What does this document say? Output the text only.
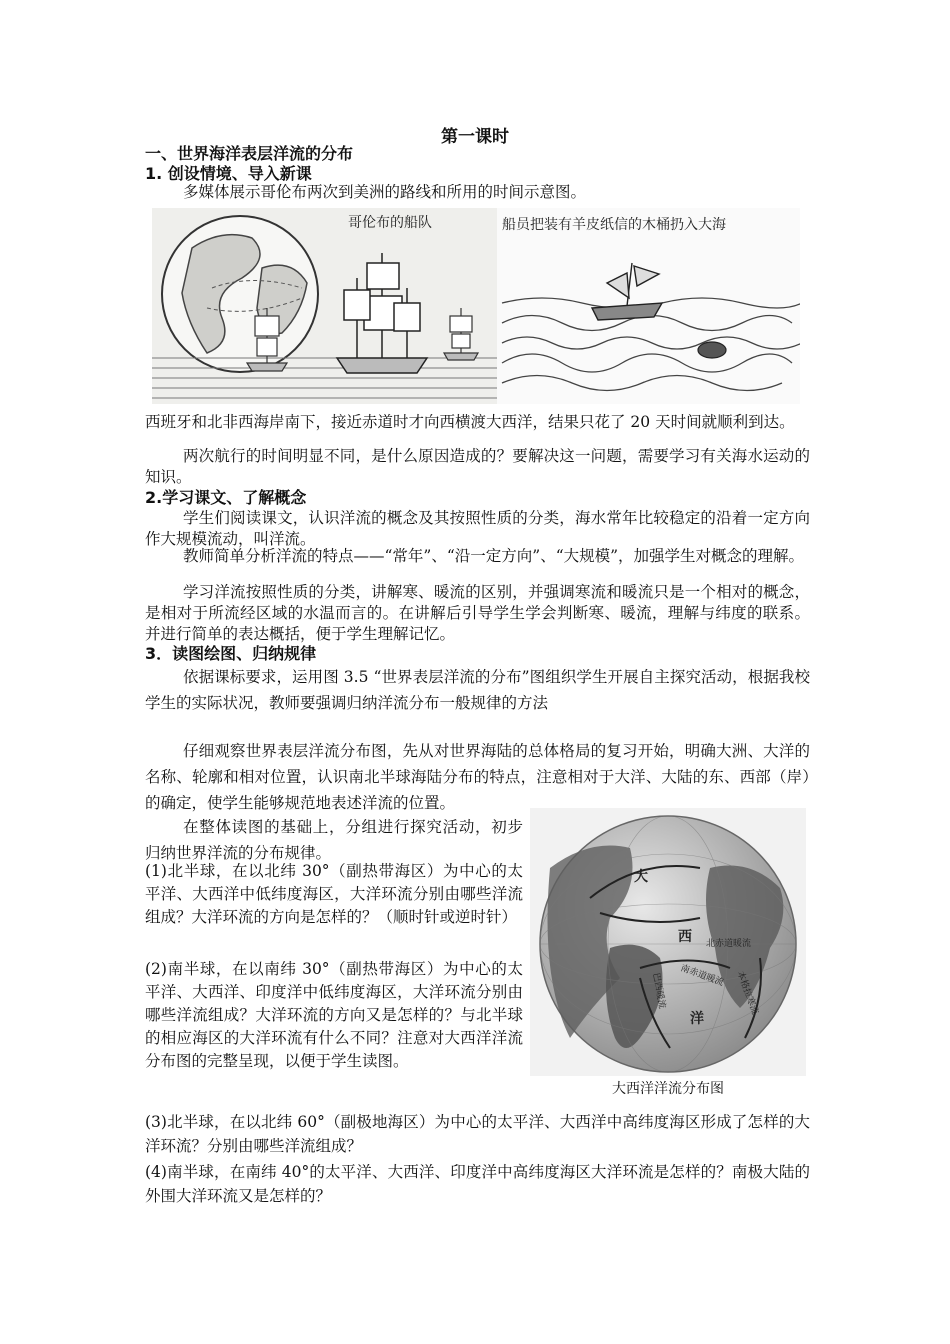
第一课时
一、世界海洋表层洋流的分布
1. 创设情境、导入新课
多媒体展示哥伦布两次到美洲的路线和所用的时间示意图。
哥伦布的船队	船员把装有羊皮纸信的木桶扔入大海
西班牙和北非西海岸南下，接近赤道时才向西横渡大西洋，结果只花了 20 天时间就顺利到达。
两次航行的时间明显不同，是什么原因造成的？要解决这一问题，需要学习有关海水运动的知识。
2.学习课文、了解概念
学生们阅读课文，认识洋流的概念及其按照性质的分类，海水常年比较稳定的沿着一定方向作大规模流动，叫洋流。
教师简单分析洋流的特点——“常年”、“沿一定方向”、“大规模”，加强学生对概念的理解。
学习洋流按照性质的分类，讲解寒、暖流的区别，并强调寒流和暖流只是一个相对的概念，是相对于所流经区域的水温而言的。在讲解后引导学生学会判断寒、暖流，理解与纬度的联系。并进行简单的表达概括，便于学生理解记忆。
3．读图绘图、归纳规律
依据课标要求，运用图 3.5 “世界表层洋流的分布”图组织学生开展自主探究活动，根据我校学生的实际状况，教师要强调归纳洋流分布一般规律的方法
仔细观察世界表层洋流分布图，先从对世界海陆的总体格局的复习开始，明确大洲、大洋的名称、轮廓和相对位置，认识南北半球海陆分布的特点，注意相对于大洋、大陆的东、西部（岸）的确定，使学生能够规范地表述洋流的位置。
在整体读图的基础上，分组进行探究活动，初步归纳世界洋流的分布规律。
(1)北半球，在以北纬 30°（副热带海区）为中心的太平洋、大西洋中低纬度海区，大洋环流分别由哪些洋流组成？大洋环流的方向是怎样的？（顺时针或逆时针）
(2)南半球，在以南纬 30°（副热带海区）为中心的太平洋、大西洋、印度洋中低纬度海区，大洋环流分别由哪些洋流组成？大洋环流的方向又是怎样的？与北半球的相应海区的大洋环流有什么不同？注意对大西洋洋流分布图的完整呈现，以便于学生读图。
大
西
洋
北赤道暖流
南赤道暖流 本格拉寒流
巴西暖流
大西洋洋流分布图
(3)北半球，在以北纬 60°（副极地海区）为中心的太平洋、大西洋中高纬度海区形成了怎样的大洋环流？分别由哪些洋流组成？
(4)南半球，在南纬 40°的太平洋、大西洋、印度洋中高纬度海区大洋环流是怎样的？南极大陆的外围大洋环流又是怎样的？
